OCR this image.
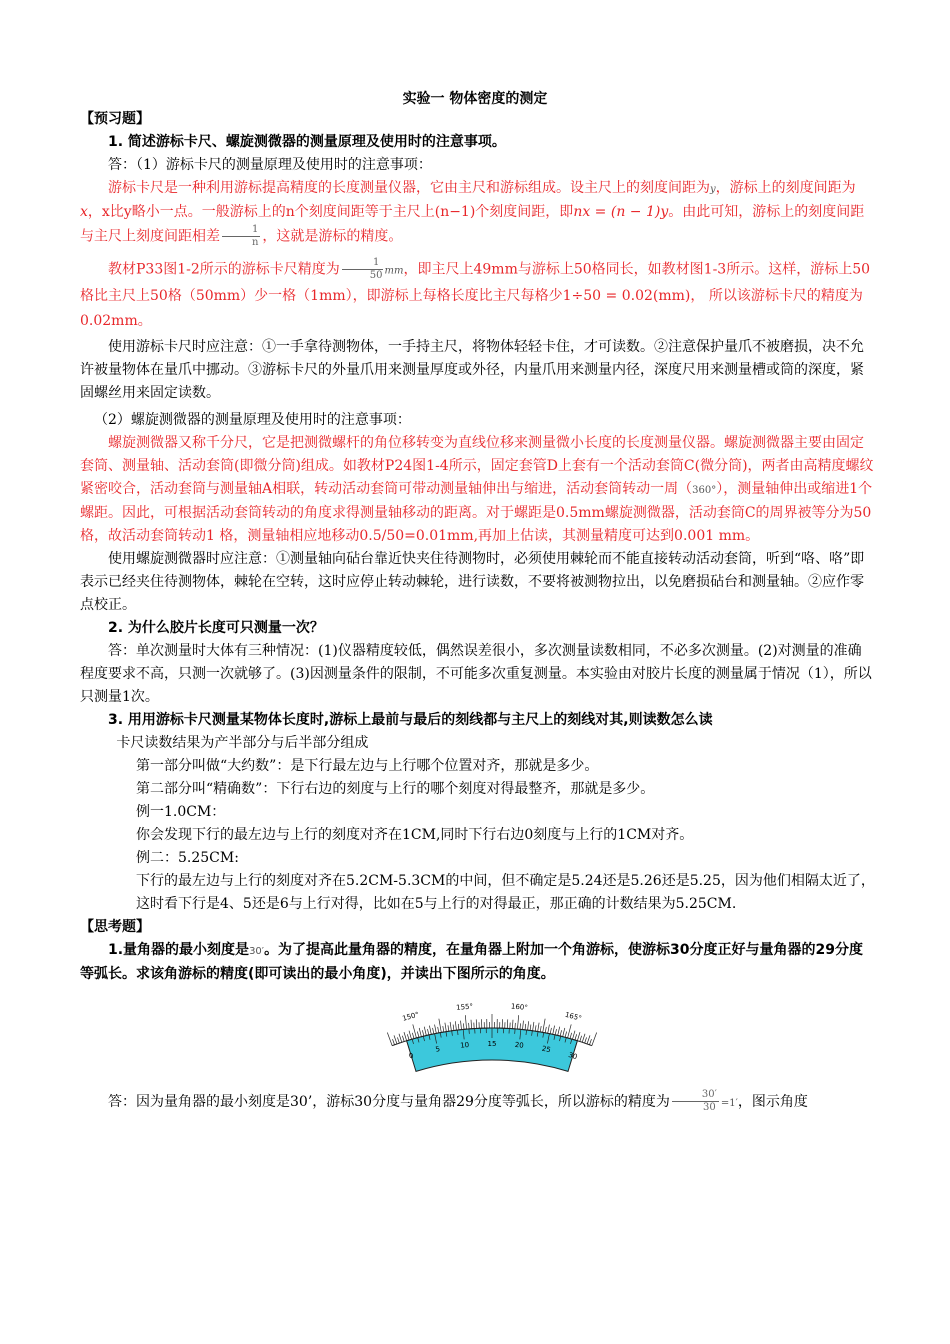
实验一 物体密度的测定

【预习题】

1. 简述游标卡尺、螺旋测微器的测量原理及使用时的注意事项。

答：（1）游标卡尺的测量原理及使用时的注意事项：

游标卡尺是一种利用游标提高精度的长度测量仪器，它由主尺和游标组成。设主尺上的刻度间距为y，游标上的刻度间距为x，x比y略小一点。一般游标上的n个刻度间距等于主尺上(n−1)个刻度间距，即nx = (n − 1)y。由此可知，游标上的刻度间距与主尺上刻度间距相差 $\frac{1}{n}$ ，这就是游标的精度。

教材P33图1-2所示的游标卡尺精度为 $\frac{1}{50}$ mm，即主尺上49mm与游标上50格同长，如教材图1-3所示。这样，游标上50格比主尺上50格（50mm）少一格（1mm），即游标上每格长度比主尺每格少1÷50 = 0.02(mm)， 所以该游标卡尺的精度为0.02mm。

使用游标卡尺时应注意：①一手拿待测物体，一手持主尺，将物体轻轻卡住，才可读数。②注意保护量爪不被磨损，决不允许被量物体在量爪中挪动。③游标卡尺的外量爪用来测量厚度或外径，内量爪用来测量内径，深度尺用来测量槽或筒的深度，紧固螺丝用来固定读数。

（2）螺旋测微器的测量原理及使用时的注意事项：

螺旋测微器又称千分尺，它是把测微螺杆的角位移转变为直线位移来测量微小长度的长度测量仪器。螺旋测微器主要由固定套筒、测量轴、活动套筒(即微分筒)组成。如教材P24图1-4所示，固定套管D上套有一个活动套筒C(微分筒)，两者由高精度螺纹紧密咬合，活动套筒与测量轴A相联，转动活动套筒可带动测量轴伸出与缩进，活动套筒转动一周（360°），测量轴伸出或缩进1个螺距。因此，可根据活动套筒转动的角度求得测量轴移动的距离。对于螺距是0.5mm螺旋测微器，活动套筒C的周界被等分为50格，故活动套筒转动1 格，测量轴相应地移动0.5/50=0.01mm,再加上估读，其测量精度可达到0.001 mm。

使用螺旋测微器时应注意：①测量轴向砧台靠近快夹住待测物时，必须使用棘轮而不能直接转动活动套筒，听到“咯、咯”即表示已经夹住待测物体，棘轮在空转，这时应停止转动棘轮，进行读数，不要将被测物拉出，以免磨损砧台和测量轴。②应作零点校正。

2. 为什么胶片长度可只测量一次？

答：单次测量时大体有三种情况：(1)仪器精度较低，偶然误差很小，多次测量读数相同，不必多次测量。(2)对测量的准确程度要求不高，只测一次就够了。(3)因测量条件的限制，不可能多次重复测量。本实验由对胶片长度的测量属于情况（1），所以只测量1次。

3. 用用游标卡尺测量某物体长度时,游标上最前与最后的刻线都与主尺上的刻线对其,则读数怎么读

卡尺读数结果为产半部分与后半部分组成

第一部分叫做“大约数”：是下行最左边与上行哪个位置对齐，那就是多少。

第二部分叫“精确数”：下行右边的刻度与上行的哪个刻度对得最整齐，那就是多少。

例一1.0CM：

你会发现下行的最左边与上行的刻度对齐在1CM,同时下行右边0刻度与上行的1CM对齐。

例二：5.25CM:

下行的最左边与上行的刻度对齐在5.2CM-5.3CM的中间，但不确定是5.24还是5.26还是5.25，因为他们相隔太近了，这时看下行是4、5还是6与上行对得，比如在5与上行的对得最正，那正确的计数结果为5.25CM.

【思考题】

1.量角器的最小刻度是30′。为了提高此量角器的精度，在量角器上附加一个角游标，使游标30分度正好与量角器的29分度等弧长。求该角游标的精度(即可读出的最小角度)，并读出下图所示的角度。

150°
155°	160°
165°
0
5	10	15	20 25
30

答：因为量角器的最小刻度是30’，游标30分度与量角器29分度等弧长，所以游标的精度为 $\frac{30'}{30} =1'$，图示角度
